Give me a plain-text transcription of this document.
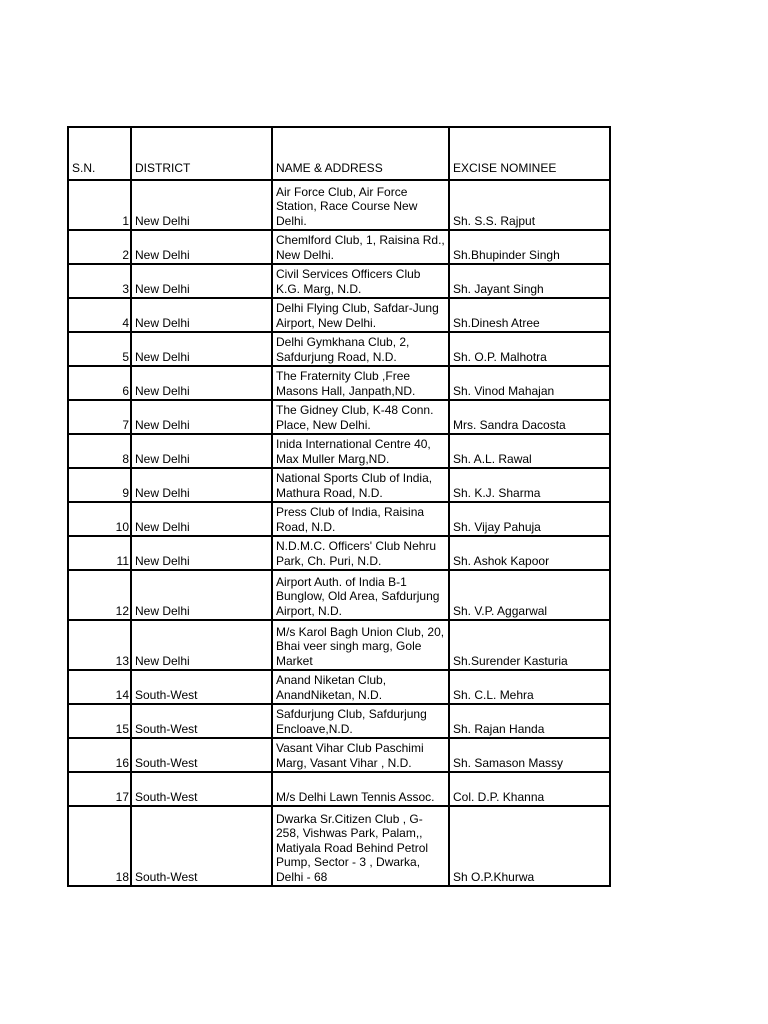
S.N.	DISTRICT	NAME & ADDRESS	EXCISE NOMINEE
1	New Delhi	Air Force Club, Air Force Station, Race Course New Delhi.	Sh. S.S. Rajput
2	New Delhi	Chemlford Club, 1, Raisina Rd., New Delhi.	Sh.Bhupinder Singh
3	New Delhi	Civil Services Officers Club K.G. Marg, N.D.	Sh. Jayant Singh
4	New Delhi	Delhi Flying Club, Safdar-Jung Airport, New Delhi.	Sh.Dinesh Atree
5	New Delhi	Delhi Gymkhana Club, 2, Safdurjung Road, N.D.	Sh. O.P. Malhotra
6	New Delhi	The Fraternity Club ,Free Masons Hall, Janpath,ND.	Sh. Vinod Mahajan
7	New Delhi	The Gidney Club, K-48 Conn. Place, New Delhi.	Mrs. Sandra Dacosta
8	New Delhi	Inida International Centre 40, Max Muller Marg,ND.	Sh. A.L. Rawal
9	New Delhi	National Sports Club of India, Mathura Road, N.D.	Sh. K.J. Sharma
10	New Delhi	Press Club of India, Raisina Road, N.D.	Sh. Vijay Pahuja
11	New Delhi	N.D.M.C. Officers' Club Nehru Park, Ch. Puri, N.D.	Sh. Ashok Kapoor
12	New Delhi	Airport Auth. of India B-1 Bunglow, Old Area, Safdurjung Airport, N.D.	Sh. V.P. Aggarwal
13	New Delhi	M/s Karol Bagh Union Club, 20, Bhai veer singh marg, Gole Market	Sh.Surender Kasturia
14	South-West	Anand Niketan Club, AnandNiketan, N.D.	Sh. C.L. Mehra
15	South-West	Safdurjung Club, Safdurjung Encloave,N.D.	Sh. Rajan Handa
16	South-West	Vasant Vihar Club Paschimi Marg, Vasant Vihar , N.D.	Sh. Samason Massy
17	South-West	M/s Delhi Lawn Tennis Assoc.	Col. D.P. Khanna
18	South-West	Dwarka Sr.Citizen Club , G-258, Vishwas Park, Palam,, Matiyala Road Behind Petrol Pump, Sector - 3 , Dwarka, Delhi - 68	Sh O.P.Khurwa
